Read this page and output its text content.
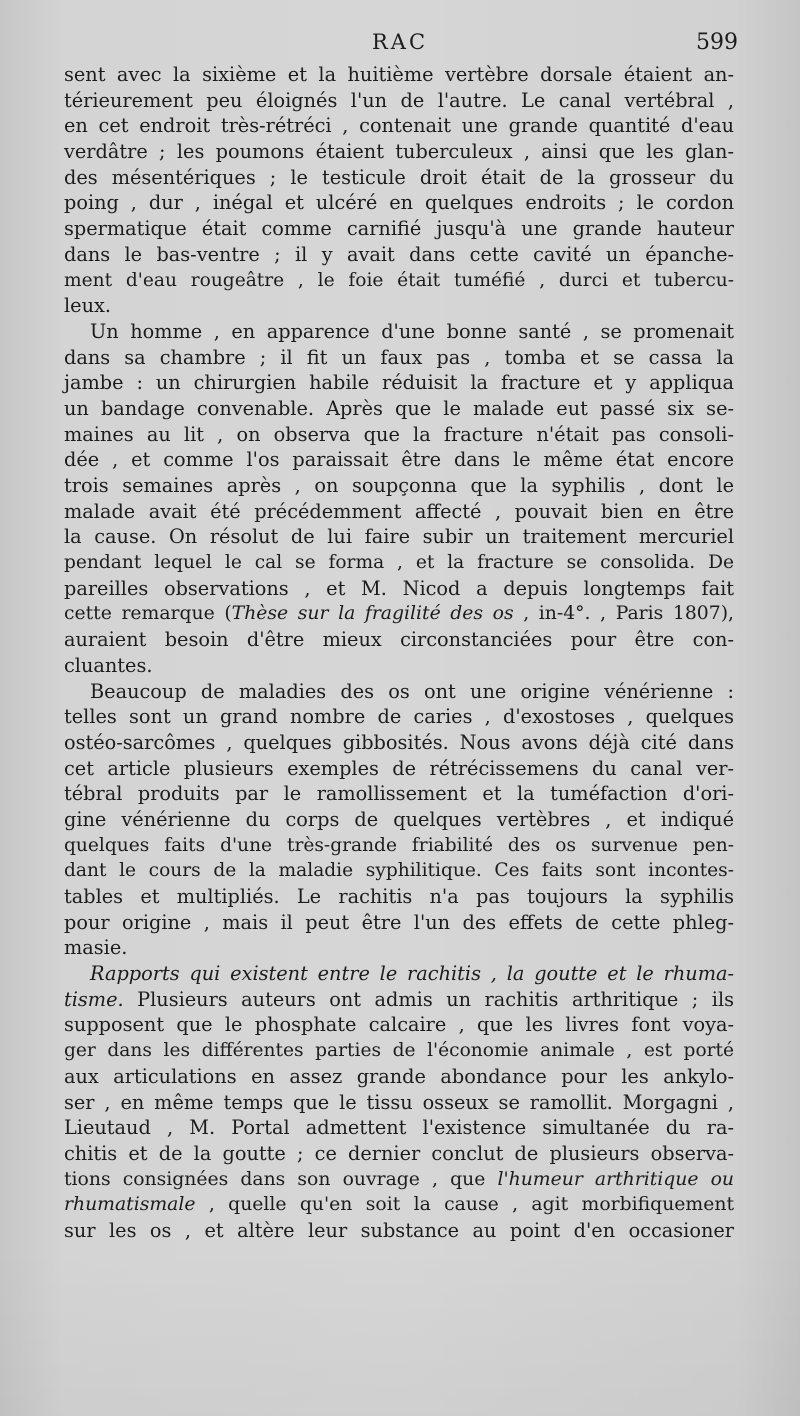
RAC	599
sent avec la sixième et la huitième vertèbre dorsale étaient an-
térieurement peu éloignés l'un de l'autre. Le canal vertébral ,
en cet endroit très-rétréci , contenait une grande quantité d'eau
verdâtre ; les poumons étaient tuberculeux , ainsi que les glan-
des mésentériques ; le testicule droit était de la grosseur du
poing , dur , inégal et ulcéré en quelques endroits ; le cordon
spermatique était comme carnifié jusqu'à une grande hauteur
dans le bas-ventre ; il y avait dans cette cavité un épanche-
ment d'eau rougeâtre , le foie était tuméfié , durci et tubercu-
leux.
Un homme , en apparence d'une bonne santé , se promenait
dans sa chambre ; il fit un faux pas , tomba et se cassa la
jambe : un chirurgien habile réduisit la fracture et y appliqua
un bandage convenable. Après que le malade eut passé six se-
maines au lit , on observa que la fracture n'était pas consoli-
dée , et comme l'os paraissait être dans le même état encore
trois semaines après , on soupçonna que la syphilis , dont le
malade avait été précédemment affecté , pouvait bien en être
la cause. On résolut de lui faire subir un traitement mercuriel
pendant lequel le cal se forma , et la fracture se consolida. De
pareilles observations , et M. Nicod a depuis longtemps fait
cette remarque (Thèse sur la fragilité des os , in-4°. , Paris 1807),
auraient besoin d'être mieux circonstanciées pour être con-
cluantes.
Beaucoup de maladies des os ont une origine vénérienne :
telles sont un grand nombre de caries , d'exostoses , quelques
ostéo-sarcômes , quelques gibbosités. Nous avons déjà cité dans
cet article plusieurs exemples de rétrécissemens du canal ver-
tébral produits par le ramollissement et la tuméfaction d'ori-
gine vénérienne du corps de quelques vertèbres , et indiqué
quelques faits d'une très-grande friabilité des os survenue pen-
dant le cours de la maladie syphilitique. Ces faits sont incontes-
tables et multipliés. Le rachitis n'a pas toujours la syphilis
pour origine , mais il peut être l'un des effets de cette phleg-
masie.
Rapports qui existent entre le rachitis , la goutte et le rhuma-
tisme. Plusieurs auteurs ont admis un rachitis arthritique ; ils
supposent que le phosphate calcaire , que les livres font voya-
ger dans les différentes parties de l'économie animale , est porté
aux articulations en assez grande abondance pour les ankylo-
ser , en même temps que le tissu osseux se ramollit. Morgagni ,
Lieutaud , M. Portal admettent l'existence simultanée du ra-
chitis et de la goutte ; ce dernier conclut de plusieurs observa-
tions consignées dans son ouvrage , que l'humeur arthritique ou
rhumatismale , quelle qu'en soit la cause , agit morbifiquement
sur les os , et altère leur substance au point d'en occasioner
